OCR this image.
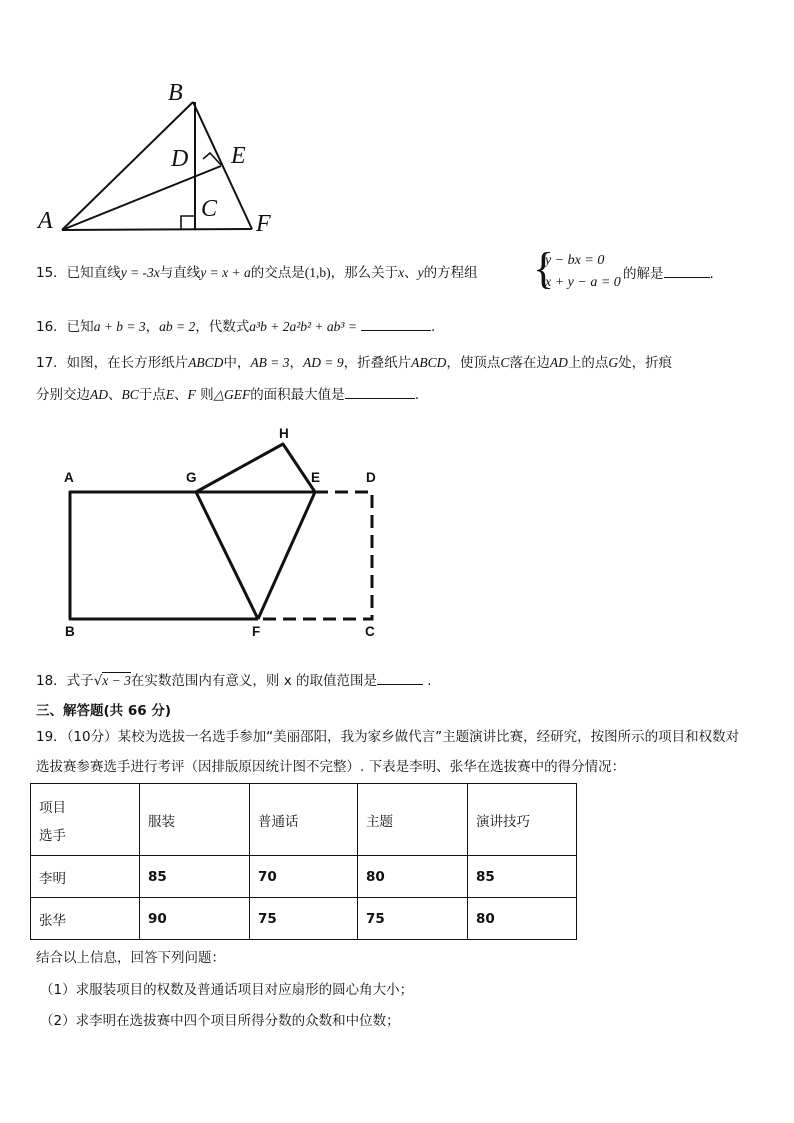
B
D E
A	C
F
15．已知直线y = -3x与直线y = x + a的交点是(1,b)，那么关于x、y的方程组 {
y − bx = 0
x + y − a = 0
的解是	.
16．已知a + b = 3，ab = 2，代数式a³b + 2a²b² + ab³ =	.
17．如图，在长方形纸片ABCD中，AB = 3，AD = 9，折叠纸片ABCD，使顶点C落在边AD上的点G处，折痕
分别交边AD、BC于点E、F 则△GEF的面积最大值是	.
H
A	G	E	D
B	F	C
18．式子√x − 3在实数范围内有意义，则 x 的取值范围是	.
三、解答题(共 66 分)
19．（10分）某校为选拔一名选手参加“美丽邵阳，我为家乡做代言”主题演讲比赛，经研究，按图所示的项目和权数对
选拔赛参赛选手进行考评（因排版原因统计图不完整）. 下表是李明、张华在选拔赛中的得分情况：
项目
选手	服装	普通话	主题	演讲技巧
李明	85	70	80	85
张华	90	75	75	80
结合以上信息，回答下列问题：
（1）求服装项目的权数及普通话项目对应扇形的圆心角大小；
（2）求李明在选拔赛中四个项目所得分数的众数和中位数；
